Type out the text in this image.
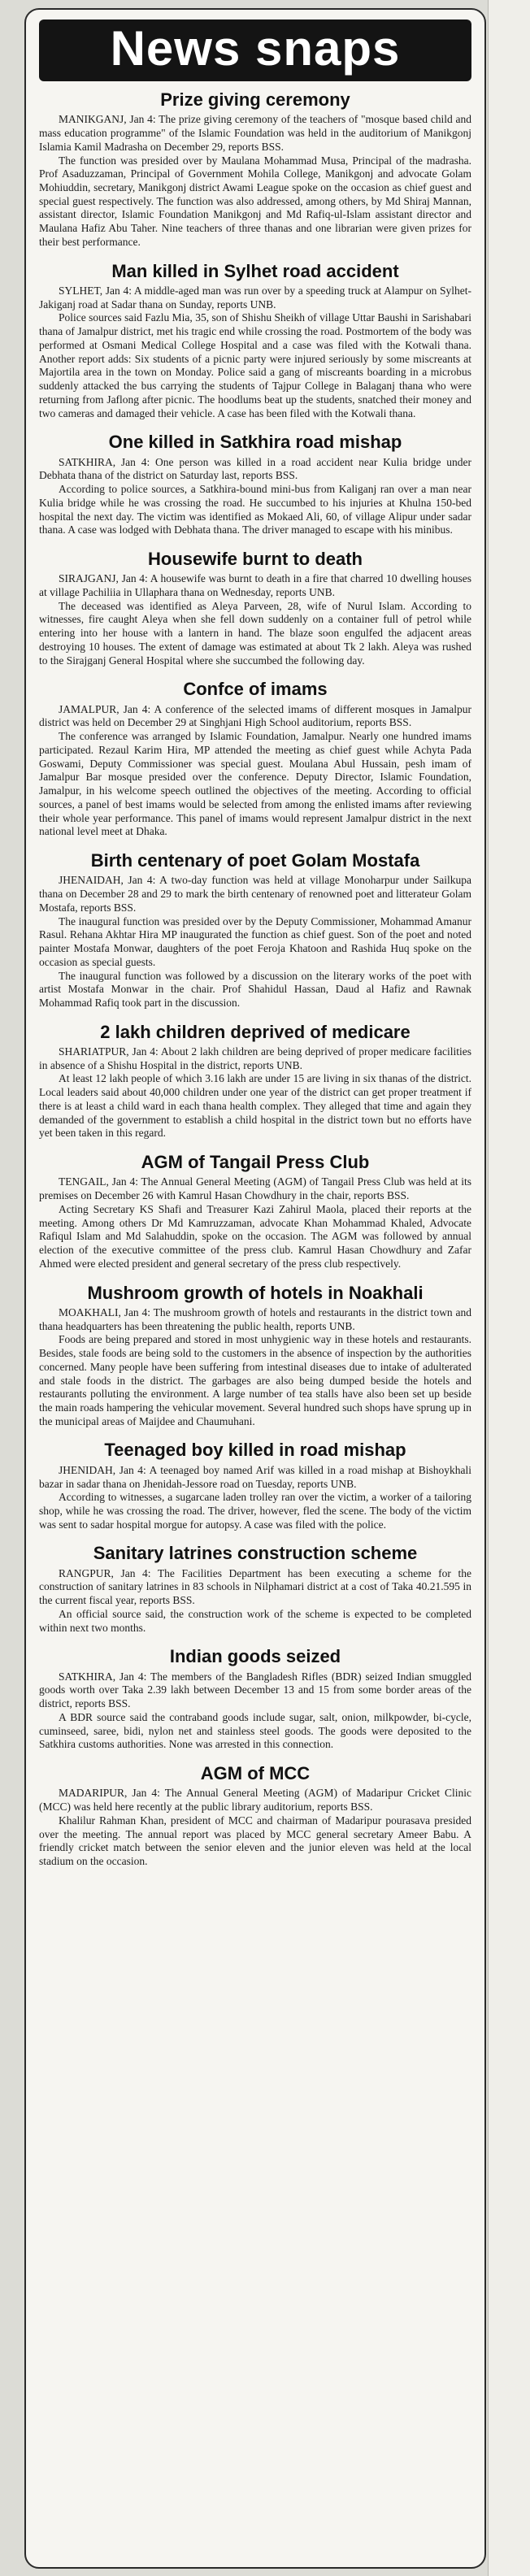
News snaps
Prize giving ceremony

MANIKGANJ, Jan 4: The prize giving ceremony of the teachers of "mosque based child and mass education programme" of the Islamic Foundation was held in the auditorium of Manikgonj Islamia Kamil Madrasha on December 29, reports BSS.

The function was presided over by Maulana Mohammad Musa, Principal of the madrasha. Prof Asaduzzaman, Principal of Government Mohila College, Manikgonj and advocate Golam Mohiuddin, secretary, Manikgonj district Awami League spoke on the occasion as chief guest and special guest respectively. The function was also addressed, among others, by Md Shiraj Mannan, assistant director, Islamic Foundation Manikgonj and Md Rafiq-ul-Islam assistant director and Maulana Hafiz Abu Taher. Nine teachers of three thanas and one librarian were given prizes for their best performance.

Man killed in Sylhet road accident

SYLHET, Jan 4: A middle-aged man was run over by a speeding truck at Alampur on Sylhet-Jakiganj road at Sadar thana on Sunday, reports UNB.

Police sources said Fazlu Mia, 35, son of Shishu Sheikh of village Uttar Baushi in Sarishabari thana of Jamalpur district, met his tragic end while crossing the road. Postmortem of the body was performed at Osmani Medical College Hospital and a case was filed with the Kotwali thana. Another report adds: Six students of a picnic party were injured seriously by some miscreants at Majortila area in the town on Monday. Police said a gang of miscreants boarding in a microbus suddenly attacked the bus carrying the students of Tajpur College in Balaganj thana who were returning from Jaflong after picnic. The hoodlums beat up the students, snatched their money and two cameras and damaged their vehicle. A case has been filed with the Kotwali thana.

One killed in Satkhira road mishap

SATKHIRA, Jan 4: One person was killed in a road accident near Kulia bridge under Debhata thana of the district on Saturday last, reports BSS.

According to police sources, a Satkhira-bound mini-bus from Kaliganj ran over a man near Kulia bridge while he was crossing the road. He succumbed to his injuries at Khulna 150-bed hospital the next day. The victim was identified as Mokaed Ali, 60, of village Alipur under sadar thana. A case was lodged with Debhata thana. The driver managed to escape with his minibus.

Housewife burnt to death

SIRAJGANJ, Jan 4: A housewife was burnt to death in a fire that charred 10 dwelling houses at village Pachiliia in Ullaphara thana on Wednesday, reports UNB.

The deceased was identified as Aleya Parveen, 28, wife of Nurul Islam. According to witnesses, fire caught Aleya when she fell down suddenly on a container full of petrol while entering into her house with a lantern in hand. The blaze soon engulfed the adjacent areas destroying 10 houses. The extent of damage was estimated at about Tk 2 lakh. Aleya was rushed to the Sirajganj General Hospital where she succumbed the following day.

Confce of imams

JAMALPUR, Jan 4: A conference of the selected imams of different mosques in Jamalpur district was held on December 29 at Singhjani High School auditorium, reports BSS.

The conference was arranged by Islamic Foundation, Jamalpur. Nearly one hundred imams participated. Rezaul Karim Hira, MP attended the meeting as chief guest while Achyta Pada Goswami, Deputy Commissioner was special guest. Moulana Abul Hussain, pesh imam of Jamalpur Bar mosque presided over the conference. Deputy Director, Islamic Foundation, Jamalpur, in his welcome speech outlined the objectives of the meeting. According to official sources, a panel of best imams would be selected from among the enlisted imams after reviewing their whole year performance. This panel of imams would represent Jamalpur district in the next national level meet at Dhaka.

Birth centenary of poet Golam Mostafa

JHENAIDAH, Jan 4: A two-day function was held at village Monoharpur under Sailkupa thana on December 28 and 29 to mark the birth centenary of renowned poet and litterateur Golam Mostafa, reports BSS.

The inaugural function was presided over by the Deputy Commissioner, Mohammad Amanur Rasul. Rehana Akhtar Hira MP inaugurated the function as chief guest. Son of the poet and noted painter Mostafa Monwar, daughters of the poet Feroja Khatoon and Rashida Huq spoke on the occasion as special guests.

The inaugural function was followed by a discussion on the literary works of the poet with artist Mostafa Monwar in the chair. Prof Shahidul Hassan, Daud al Hafiz and Rawnak Mohammad Rafiq took part in the discussion.

2 lakh children deprived of medicare

SHARIATPUR, Jan 4: About 2 lakh children are being deprived of proper medicare facilities in absence of a Shishu Hospital in the district, reports UNB.

At least 12 lakh people of which 3.16 lakh are under 15 are living in six thanas of the district. Local leaders said about 40,000 children under one year of the district can get proper treatment if there is at least a child ward in each thana health complex. They alleged that time and again they demanded of the government to establish a child hospital in the district town but no efforts have yet been taken in this regard.

AGM of Tangail Press Club

TENGAIL, Jan 4: The Annual General Meeting (AGM) of Tangail Press Club was held at its premises on December 26 with Kamrul Hasan Chowdhury in the chair, reports BSS.

Acting Secretary KS Shafi and Treasurer Kazi Zahirul Maola, placed their reports at the meeting. Among others Dr Md Kamruzzaman, advocate Khan Mohammad Khaled, Advocate Rafiqul Islam and Md Salahuddin, spoke on the occasion. The AGM was followed by annual election of the executive committee of the press club. Kamrul Hasan Chowdhury and Zafar Ahmed were elected president and general secretary of the press club respectively.

Mushroom growth of hotels in Noakhali

MOAKHALI, Jan 4: The mushroom growth of hotels and restaurants in the district town and thana headquarters has been threatening the public health, reports UNB.

Foods are being prepared and stored in most unhygienic way in these hotels and restaurants. Besides, stale foods are being sold to the customers in the absence of inspection by the authorities concerned. Many people have been suffering from intestinal diseases due to intake of adulterated and stale foods in the district. The garbages are also being dumped beside the hotels and restaurants polluting the environment. A large number of tea stalls have also been set up beside the main roads hampering the vehicular movement. Several hundred such shops have sprung up in the municipal areas of Maijdee and Chaumuhani.

Teenaged boy killed in road mishap

JHENIDAH, Jan 4: A teenaged boy named Arif was killed in a road mishap at Bishoykhali bazar in sadar thana on Jhenidah-Jessore road on Tuesday, reports UNB.

According to witnesses, a sugarcane laden trolley ran over the victim, a worker of a tailoring shop, while he was crossing the road. The driver, however, fled the scene. The body of the victim was sent to sadar hospital morgue for autopsy. A case was filed with the police.

Sanitary latrines construction scheme

RANGPUR, Jan 4: The Facilities Department has been executing a scheme for the construction of sanitary latrines in 83 schools in Nilphamari district at a cost of Taka 40.21.595 in the current fiscal year, reports BSS.

An official source said, the construction work of the scheme is expected to be completed within next two months.

Indian goods seized

SATKHIRA, Jan 4: The members of the Bangladesh Rifles (BDR) seized Indian smuggled goods worth over Taka 2.39 lakh between December 13 and 15 from some border areas of the district, reports BSS.

A BDR source said the contraband goods include sugar, salt, onion, milkpowder, bi-cycle, cuminseed, saree, bidi, nylon net and stainless steel goods. The goods were deposited to the Satkhira customs authorities. None was arrested in this connection.

AGM of MCC

MADARIPUR, Jan 4: The Annual General Meeting (AGM) of Madaripur Cricket Clinic (MCC) was held here recently at the public library auditorium, reports BSS.

Khalilur Rahman Khan, president of MCC and chairman of Madaripur pourasava presided over the meeting. The annual report was placed by MCC general secretary Ameer Babu. A friendly cricket match between the senior eleven and the junior eleven was held at the local stadium on the occasion.
